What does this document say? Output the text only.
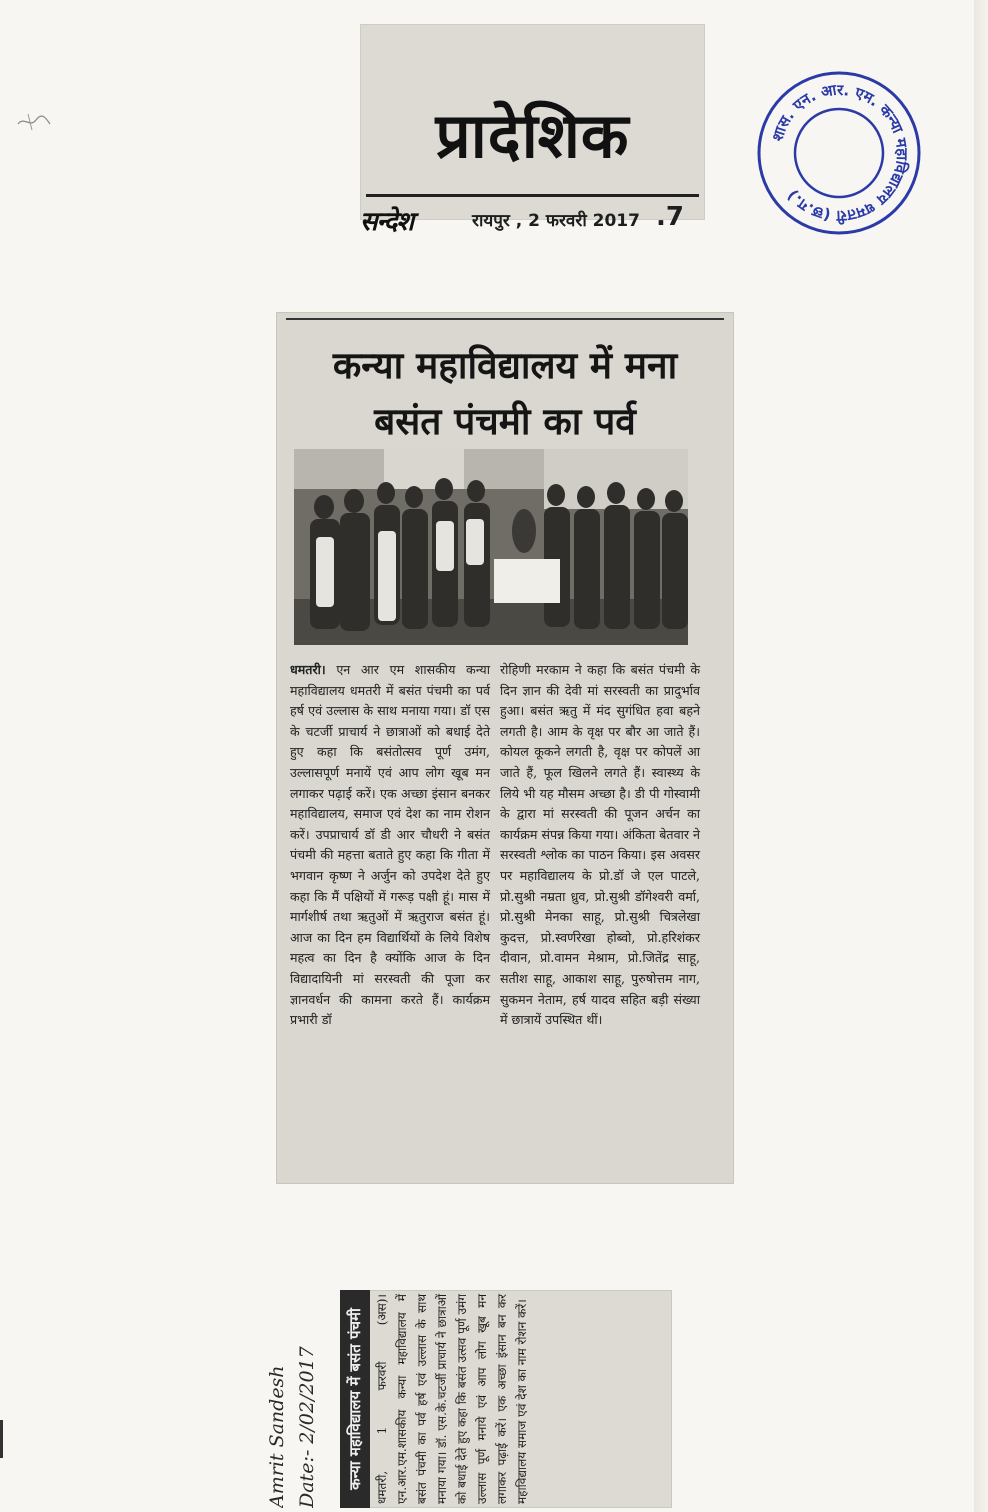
प्रादेशिक
सन्देश	रायपुर , 2 फरवरी 2017 .7
शास. एन. आर. एम. कन्या महाविद्यालय धमतरी (छ.ग.)
कन्या महाविद्यालय में मना
बसंत पंचमी का पर्व
धमतरी। एन आर एम शासकीय कन्या महाविद्यालय धमतरी में बसंत पंचमी का पर्व हर्ष एवं उल्लास के साथ मनाया गया। डॉ एस के चटर्जी प्राचार्य ने छात्राओं को बधाई देते हुए कहा कि बसंतोत्सव पूर्ण उमंग, उल्लासपूर्ण मनायें एवं आप लोग खूब मन लगाकर पढ़ाई करें। एक अच्छा इंसान बनकर महाविद्यालय, समाज एवं देश का नाम रोशन करें। उपप्राचार्य डॉ डी आर चौधरी ने बसंत पंचमी की महत्ता बताते हुए कहा कि गीता में भगवान कृष्ण ने अर्जुन को उपदेश देते हुए कहा कि मैं पक्षियों में गरूड़ पक्षी हूं। मास में मार्गशीर्ष तथा ऋतुओं में ऋतुराज बसंत हूं। आज का दिन हम विद्यार्थियों के लिये विशेष महत्व का दिन है क्योंकि आज के दिन विद्यादायिनी मां सरस्वती की पूजा कर ज्ञानवर्धन की कामना करते हैं। कार्यक्रम प्रभारी डॉ
रोहिणी मरकाम ने कहा कि बसंत पंचमी के दिन ज्ञान की देवी मां सरस्वती का प्रादुर्भाव हुआ। बसंत ऋतु में मंद सुगंधित हवा बहने लगती है। आम के वृक्ष पर बौर आ जाते हैं। कोयल कूकने लगती है, वृक्ष पर कोपलें आ जाते हैं, फूल खिलने लगते हैं। स्वास्थ्य के लिये भी यह मौसम अच्छा है। डी पी गोस्वामी के द्वारा मां सरस्वती की पूजन अर्चन का कार्यक्रम संपन्न किया गया। अंकिता बेतवार ने सरस्वती श्लोक का पाठन किया। इस अवसर पर महाविद्यालय के प्रो.डॉ जे एल पाटले, प्रो.सुश्री नम्रता ध्रुव, प्रो.सुश्री डॉगेश्वरी वर्मा, प्रो.सुश्री मेनका साहू, प्रो.सुश्री चित्रलेखा कुदत्त, प्रो.स्वर्णरेखा होब्वो, प्रो.हरिशंकर दीवान, प्रो.वामन मेश्राम, प्रो.जितेंद्र साहू, सतीश साहू, आकाश साहू, पुरुषोत्तम नाग, सुकमन नेताम, हर्ष यादव सहित बड़ी संख्या में छात्रायें उपस्थित थीं।
Amrit Sandesh Date:- 2/02/2017	कन्या महाविद्यालय में बसंत पंचमी धमतरी, 1 फरवरी (अस)। एन.आर.एम.शासकीय कन्या महाविद्यालय में बसंत पंचमी का पर्व हर्ष एवं उल्लास के साथ मनाया गया। डॉ. एस.के.चटर्जी प्राचार्य ने छात्राओं को बधाई देते हुए कहा कि बसंत उत्सव पूर्ण उमंग उल्लास पूर्ण मनाये एवं आप लोग खूब मन लगाकर पढ़ाई करें। एक अच्छा इंसान बन कर महाविद्यालय समाज एवं देश का नाम रोशन करें।
